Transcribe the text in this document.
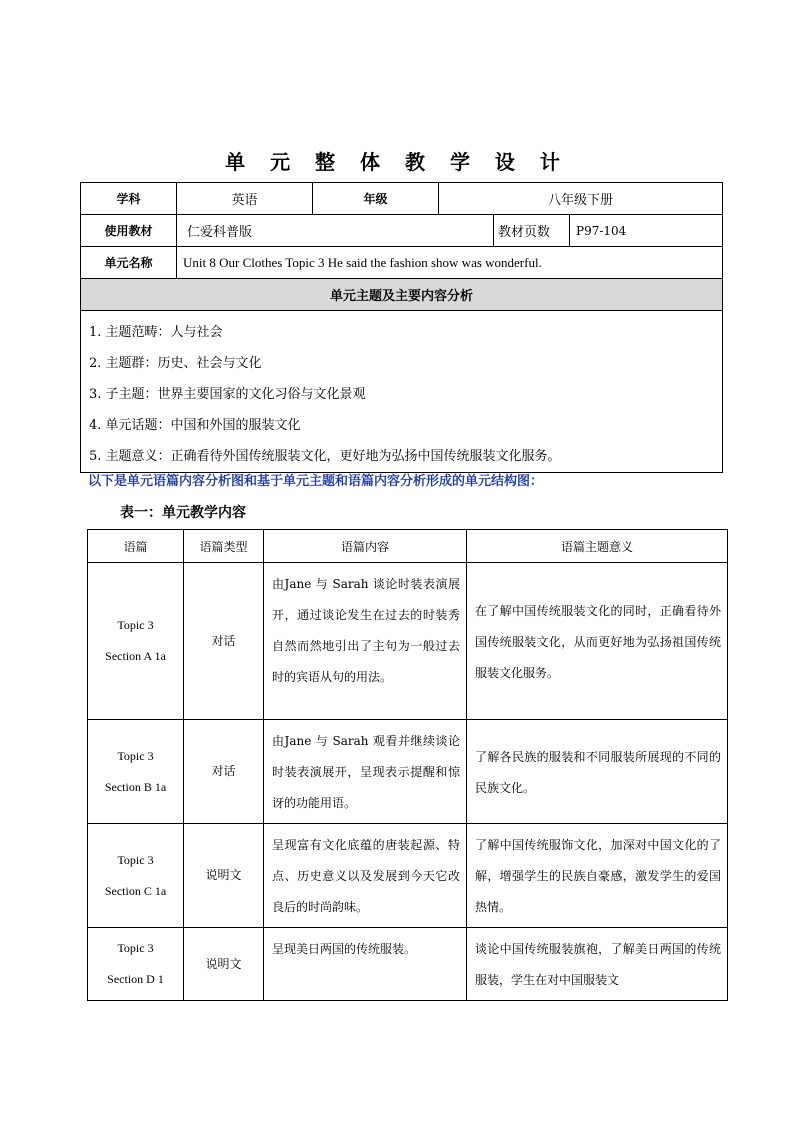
单 元 整 体 教 学 设 计
学科	英语	年级	八年级下册		
使用教材	仁爱科普版			教材页数	P97-104
单元名称	Unit 8 Our Clothes Topic 3 He said the fashion show was wonderful.				
单元主题及主要内容分析					

1. 主题范畴：人与社会
2. 主题群：历史、社会与文化
3. 子主题：世界主要国家的文化习俗与文化景观
4. 单元话题：中国和外国的服装文化
5. 主题意义：正确看待外国传统服装文化，更好地为弘扬中国传统服装文化服务。					
以下是单元语篇内容分析图和基于单元主题和语篇内容分析形成的单元结构图：
表一：单元教学内容
语篇	语篇类型	语篇内容	语篇主题意义

Topic 3
Section A 1a	对话	由Jane 与 Sarah 谈论时装表演展开，通过谈论发生在过去的时装秀自然而然地引出了主句为一般过去时的宾语从句的用法。	在了解中国传统服装文化的同时，正确看待外国传统服装文化，从而更好地为弘扬祖国传统服装文化服务。

Topic 3
Section B 1a	对话	由Jane 与 Sarah 观看并继续谈论时装表演展开，呈现表示提醒和惊讶的功能用语。	了解各民族的服装和不同服装所展现的不同的民族文化。

Topic 3
Section C 1a	说明文	呈现富有文化底蕴的唐装起源、特点、历史意义以及发展到今天它改良后的时尚韵味。	了解中国传统服饰文化，加深对中国文化的了解，增强学生的民族自豪感，激发学生的爱国热情。

Topic 3
Section D 1	说明文	呈现美日两国的传统服装。	谈论中国传统服装旗袍，了解美日两国的传统服装，学生在对中国服装文
